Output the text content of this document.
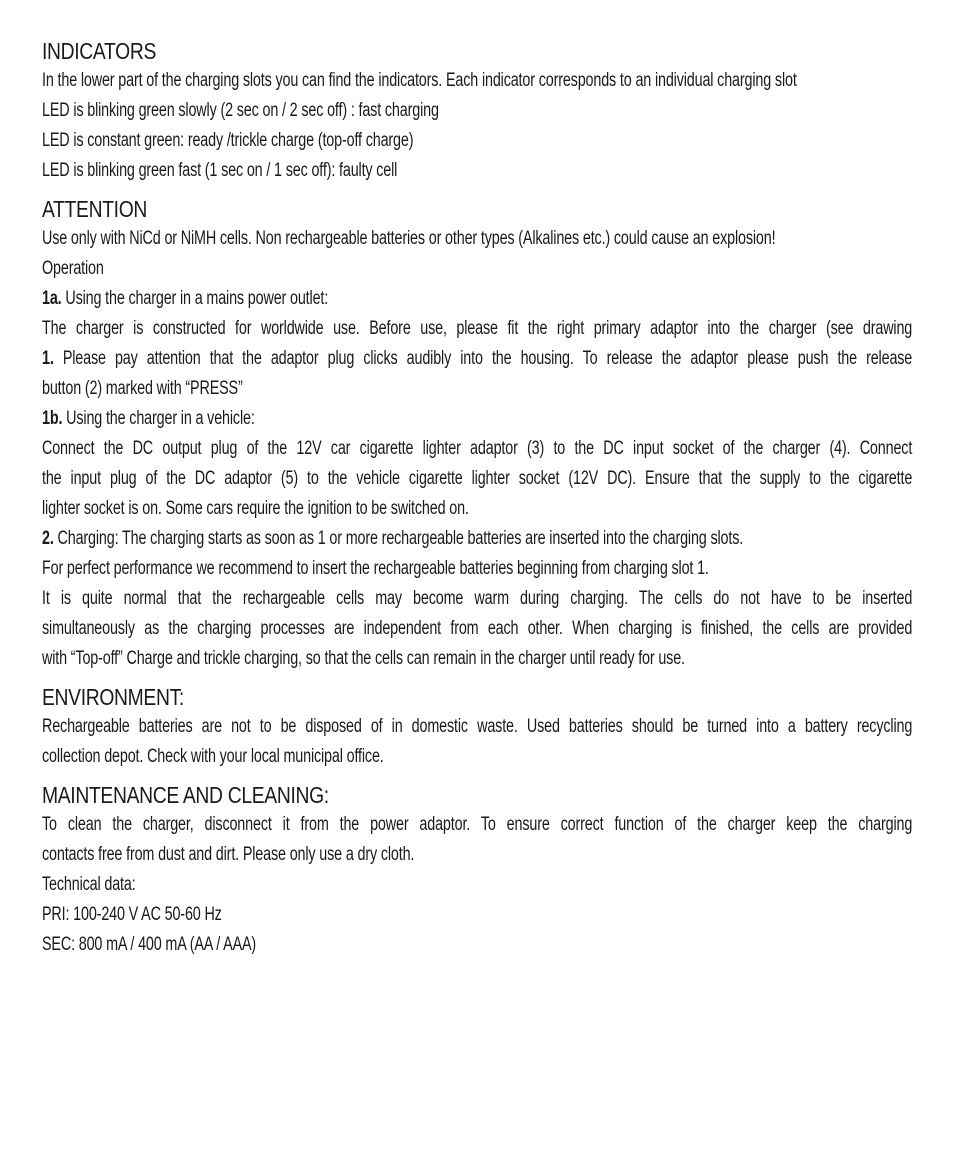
INDICATORS

In the lower part of the charging slots you can find the indicators. Each indicator corresponds to an individual charging slot

LED is blinking green slowly (2 sec on / 2 sec off) : fast charging

LED is constant green: ready /trickle charge (top-off charge)

LED is blinking green fast (1 sec on / 1 sec off): faulty cell

ATTENTION

Use only with NiCd or NiMH cells. Non rechargeable batteries or other types (Alkalines etc.) could cause an explosion!

Operation

1a. Using the charger in a mains power outlet:

The charger is constructed for worldwide use. Before use, please fit the right primary adaptor into the charger (see drawing

1. Please pay attention that the adaptor plug clicks audibly into the housing. To release the adaptor please push the release

button (2) marked with “PRESS”

1b. Using the charger in a vehicle:

Connect the DC output plug of the 12V car cigarette lighter adaptor (3) to the DC input socket of the charger (4). Connect

the input plug of the DC adaptor (5) to the vehicle cigarette lighter socket (12V DC). Ensure that the supply to the cigarette

lighter socket is on. Some cars require the ignition to be switched on.

2. Charging: The charging starts as soon as 1 or more rechargeable batteries are inserted into the charging slots.

For perfect performance we recommend to insert the rechargeable batteries beginning from charging slot 1.

It is quite normal that the rechargeable cells may become warm during charging. The cells do not have to be inserted

simultaneously as the charging processes are independent from each other. When charging is finished, the cells are provided

with “Top-off” Charge and trickle charging, so that the cells can remain in the charger until ready for use.

ENVIRONMENT:

Rechargeable batteries are not to be disposed of in domestic waste. Used batteries should be turned into a battery recycling

collection depot. Check with your local municipal office.

MAINTENANCE AND CLEANING:

To clean the charger, disconnect it from the power adaptor. To ensure correct function of the charger keep the charging

contacts free from dust and dirt. Please only use a dry cloth.

Technical data:

PRI: 100-240 V AC 50-60 Hz

SEC: 800 mA / 400 mA (AA / AAA)
